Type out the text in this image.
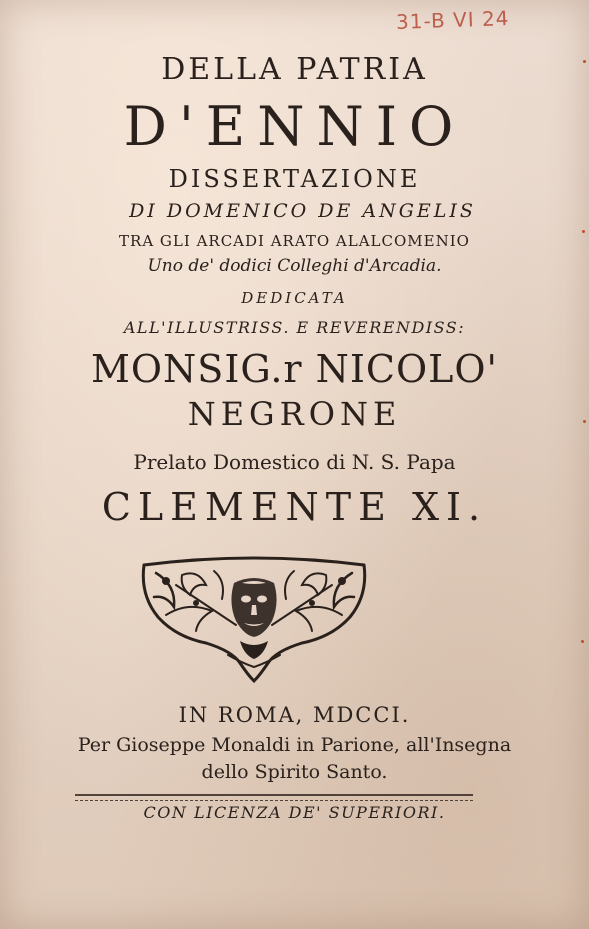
31-B VI 24
DELLA PATRIA
D'ENNIO
DISSERTAZIONE
DI DOMENICO DE ANGELIS
TRA GLI ARCADI ARATO ALALCOMENIO
Uno de' dodici Colleghi d'Arcadia.
DEDICATA
ALL'ILLUSTRISS. E REVERENDISS:
MONSIG.r NICOLO'
NEGRONE
Prelato Domestico di N. S. Papa
CLEMENTE XI.
IN ROMA, MDCCI.
Per Gioseppe Monaldi in Parione, all'Insegna
dello Spirito Santo.
CON LICENZA DE' SUPERIORI.
